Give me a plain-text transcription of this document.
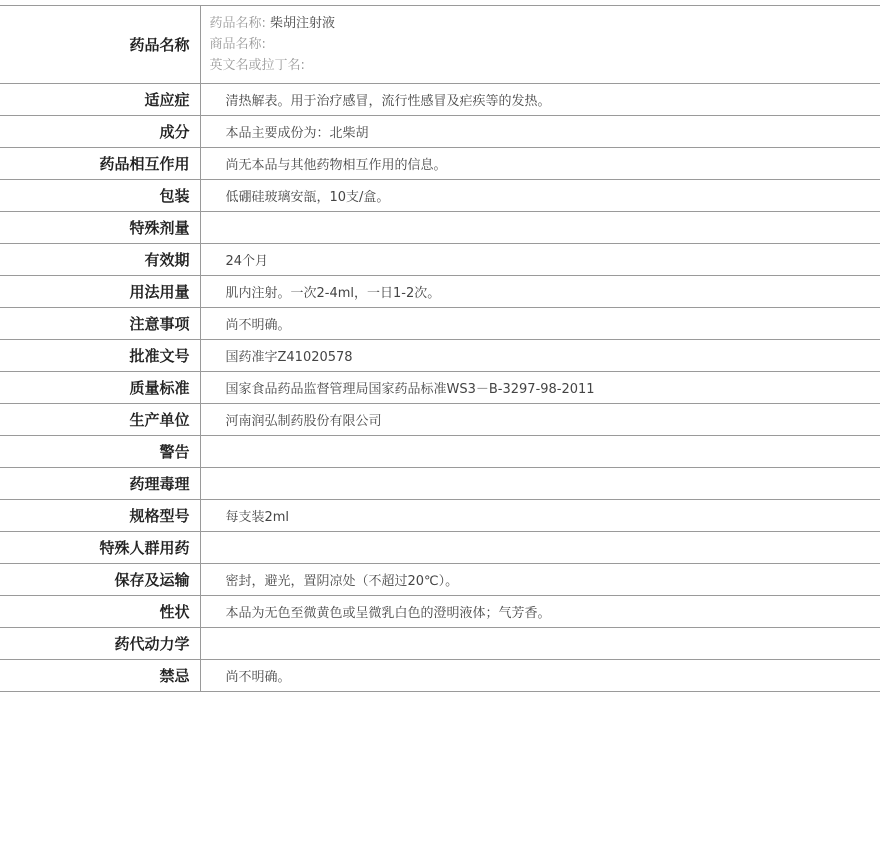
药品名称	药品名称: 柴胡注射液
商品名称:
英文名或拉丁名:

适应症	清热解表。用于治疗感冒，流行性感冒及疟疾等的发热。
成分	本品主要成份为：北柴胡
药品相互作用	尚无本品与其他药物相互作用的信息。
包装	低硼硅玻璃安瓿，10支/盒。
特殊剂量	
有效期	24个月
用法用量	肌内注射。一次2-4ml，一日1-2次。
注意事项	尚不明确。
批准文号	国药准字Z41020578
质量标准	国家食品药品监督管理局国家药品标准WS3－B-3297-98-2011
生产单位	河南润弘制药股份有限公司
警告	
药理毒理	
规格型号	每支装2ml
特殊人群用药	
保存及运输	密封，避光，置阴凉处（不超过20℃）。
性状	本品为无色至微黄色或呈微乳白色的澄明液体；气芳香。
药代动力学	
禁忌	尚不明确。
